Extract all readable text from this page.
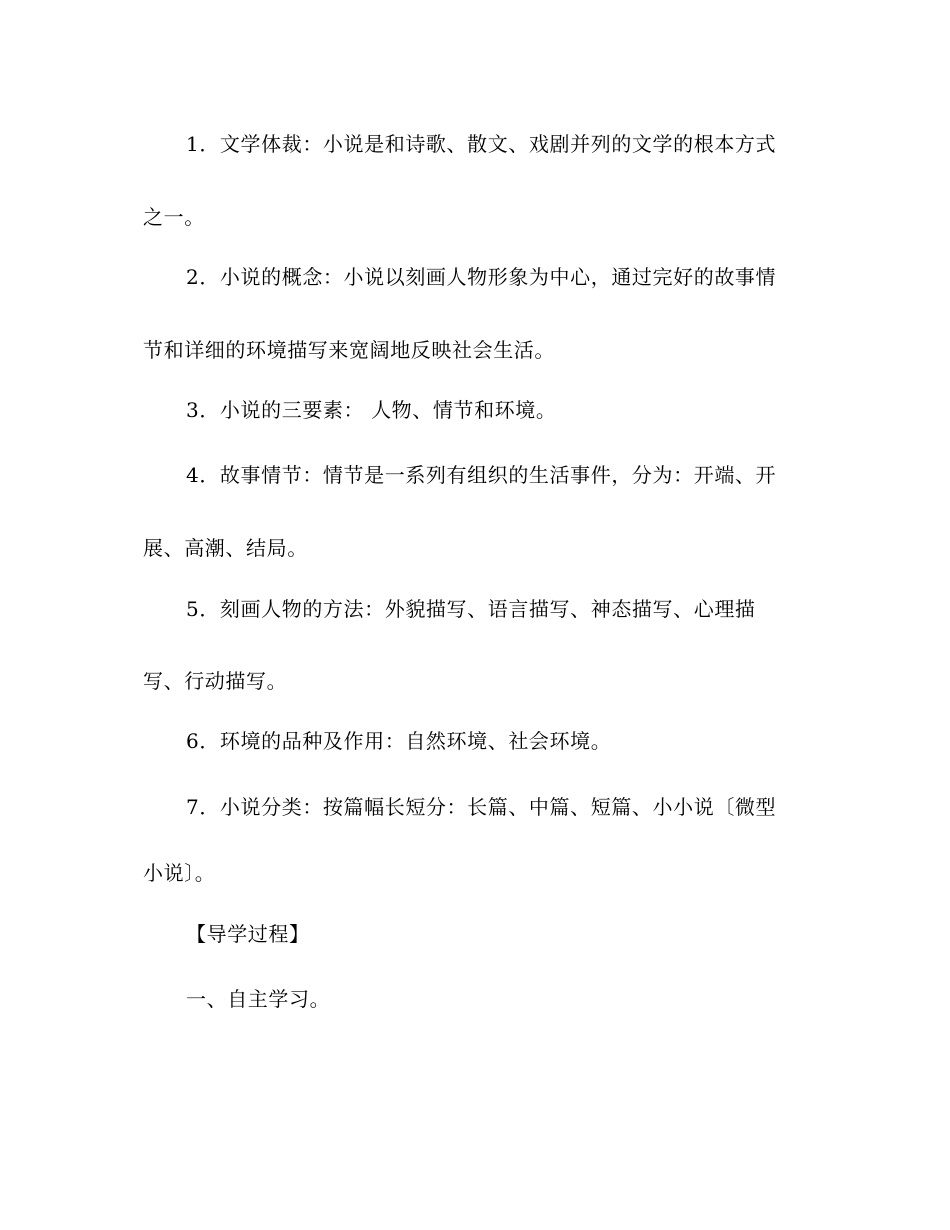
1．文学体裁：小说是和诗歌、散文、戏剧并列的文学的根本方式
之一。
2．小说的概念：小说以刻画人物形象为中心，通过完好的故事情
节和详细的环境描写来宽阔地反映社会生活。
3．小说的三要素： 人物、情节和环境。
4．故事情节：情节是一系列有组织的生活事件，分为：开端、开
展、高潮、结局。
5．刻画人物的方法：外貌描写、语言描写、神态描写、心理描
写、行动描写。
6．环境的品种及作用：自然环境、社会环境。
7．小说分类：按篇幅长短分：长篇、中篇、短篇、小小说〔微型
小说〕。
【导学过程】
一、自主学习。
